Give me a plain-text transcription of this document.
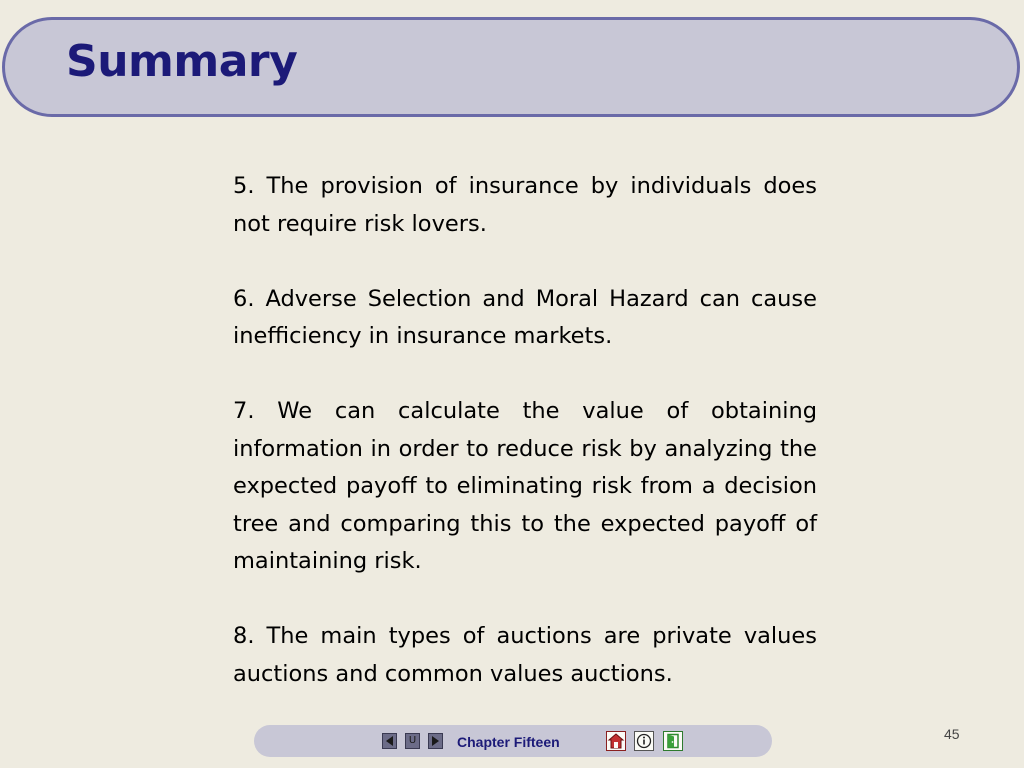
Summary

5. The provision of insurance by individuals does not require risk lovers.

6. Adverse Selection and Moral Hazard can cause inefficiency in insurance markets.

7. We can calculate the value of obtaining information in order to reduce risk by analyzing the expected payoff to eliminating risk from a decision tree and comparing this to the expected payoff of maintaining risk.

8. The main types of auctions are private values auctions and common values auctions.

45
U	Chapter Fifteen
